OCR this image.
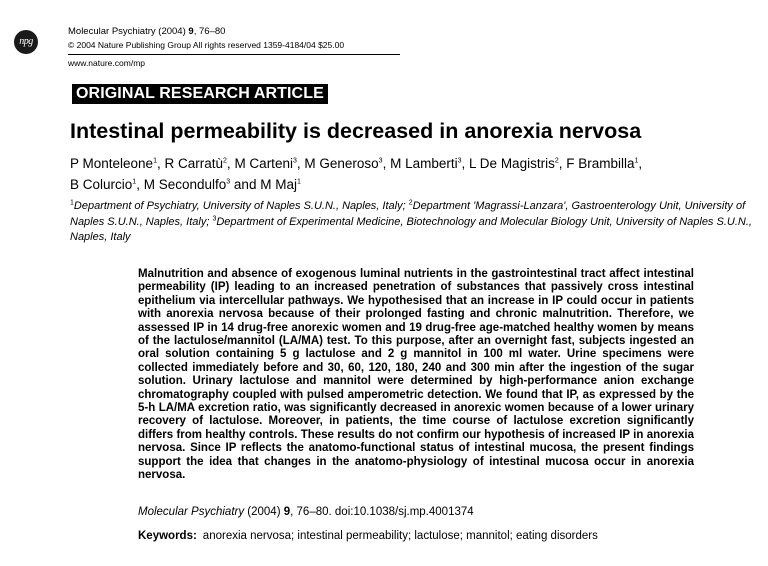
npg
Molecular Psychiatry (2004) 9, 76–80
© 2004 Nature Publishing Group All rights reserved 1359-4184/04 $25.00
www.nature.com/mp
ORIGINAL RESEARCH ARTICLE
Intestinal permeability is decreased in anorexia nervosa
P Monteleone$^1$, R Carratù$^2$, M Carteni$^3$, M Generoso$^3$, M Lamberti$^3$, L De Magistris$^2$, F Brambilla$^1$,
B Colurcio$^1$, M Secondulfo$^3$ and M Maj$^1$
$^1$Department of Psychiatry, University of Naples S.U.N., Naples, Italy; $^2$Department 'Magrassi-Lanzara', Gastroenterology Unit, University of Naples S.U.N., Naples, Italy; $^3$Department of Experimental Medicine, Biotechnology and Molecular Biology Unit, University of Naples S.U.N., Naples, Italy
Malnutrition and absence of exogenous luminal nutrients in the gastrointestinal tract affect intestinal permeability (IP) leading to an increased penetration of substances that passively cross intestinal epithelium via intercellular pathways. We hypothesised that an increase in IP could occur in patients with anorexia nervosa because of their prolonged fasting and chronic malnutrition. Therefore, we assessed IP in 14 drug-free anorexic women and 19 drug-free age-matched healthy women by means of the lactulose/mannitol (LA/MA) test. To this purpose, after an overnight fast, subjects ingested an oral solution containing 5 g lactulose and 2 g mannitol in 100 ml water. Urine specimens were collected immediately before and 30, 60, 120, 180, 240 and 300 min after the ingestion of the sugar solution. Urinary lactulose and mannitol were determined by high-performance anion exchange chromatography coupled with pulsed amperometric detection. We found that IP, as expressed by the 5-h LA/MA excretion ratio, was significantly decreased in anorexic women because of a lower urinary recovery of lactulose. Moreover, in patients, the time course of lactulose excretion significantly differs from healthy controls. These results do not confirm our hypothesis of increased IP in anorexia nervosa. Since IP reflects the anatomo-functional status of intestinal mucosa, the present findings support the idea that changes in the anatomo-physiology of intestinal mucosa occur in anorexia nervosa.
Molecular Psychiatry (2004) 9, 76–80. doi:10.1038/sj.mp.4001374
Keywords: anorexia nervosa; intestinal permeability; lactulose; mannitol; eating disorders
